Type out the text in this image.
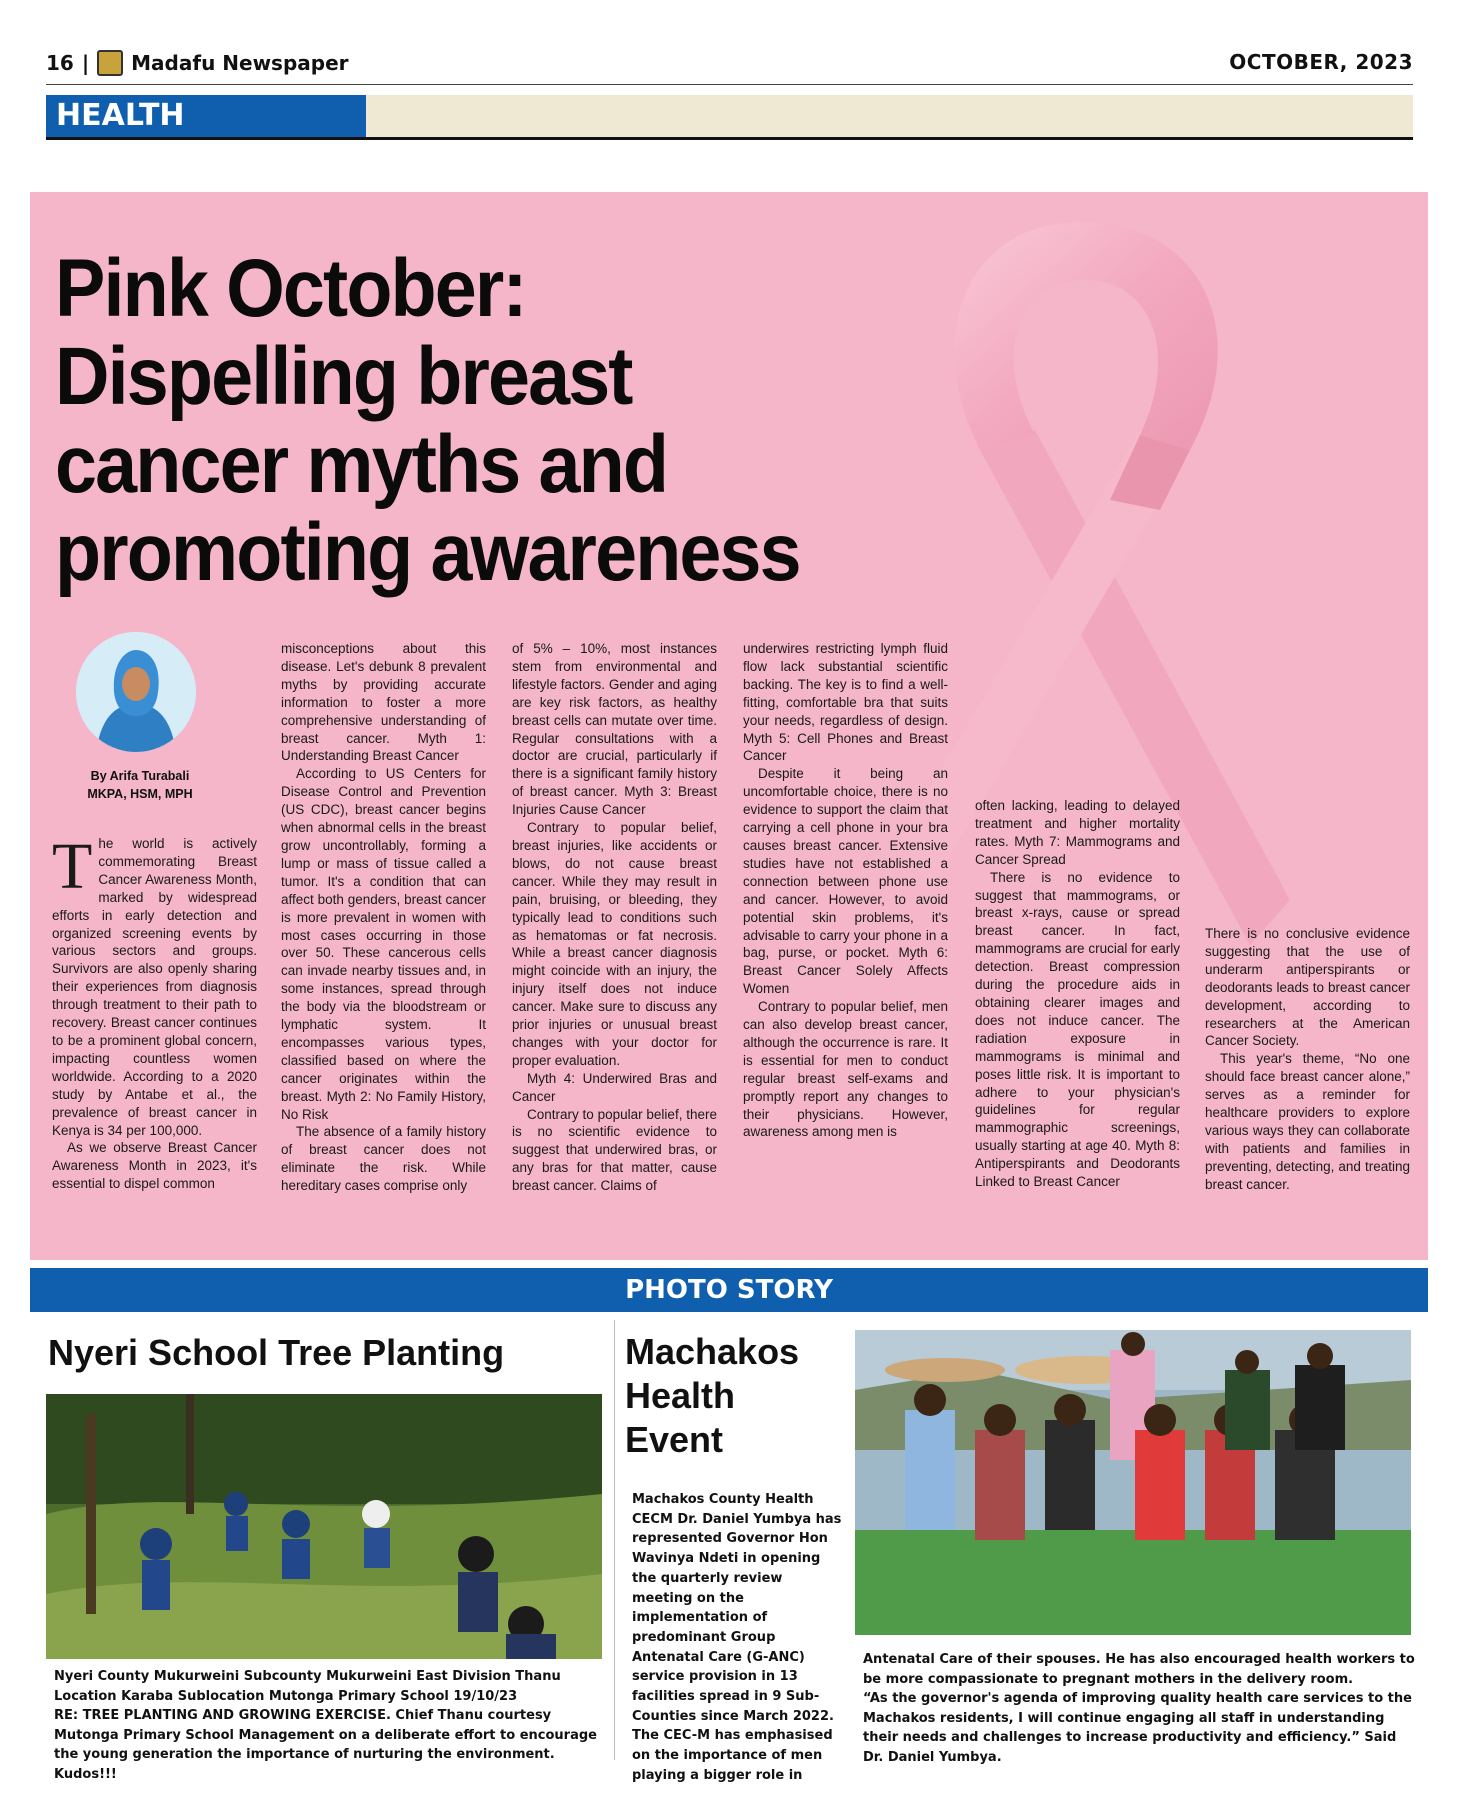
16 | Madafu Newspaper	OCTOBER, 2023
HEALTH
Pink October:
Dispelling breast
cancer myths and
promoting awareness
By Arifa Turabali
MKPA, HSM, MPH

The world is actively commemorating Breast Cancer Awareness Month, marked by widespread efforts in early detection and organized screening events by various sectors and groups. Survivors are also openly sharing their experiences from diagnosis through treatment to their path to recovery. Breast cancer continues to be a prominent global concern, impacting countless women worldwide. According to a 2020 study by Antabe et al., the prevalence of breast cancer in Kenya is 34 per 100,000.

As we observe Breast Cancer Awareness Month in 2023, it's essential to dispel common

misconceptions about this disease. Let's debunk 8 prevalent myths by providing accurate information to foster a more comprehensive understanding of breast cancer. Myth 1: Understanding Breast Cancer

According to US Centers for Disease Control and Prevention (US CDC), breast cancer begins when abnormal cells in the breast grow uncontrollably, forming a lump or mass of tissue called a tumor. It's a condition that can affect both genders, breast cancer is more prevalent in women with most cases occurring in those over 50. These cancerous cells can invade nearby tissues and, in some instances, spread through the body via the bloodstream or lymphatic system. It encompasses various types, classified based on where the cancer originates within the breast. Myth 2: No Family History, No Risk

The absence of a family history of breast cancer does not eliminate the risk. While hereditary cases comprise only

of 5% – 10%, most instances stem from environmental and lifestyle factors. Gender and aging are key risk factors, as healthy breast cells can mutate over time. Regular consultations with a doctor are crucial, particularly if there is a significant family history of breast cancer. Myth 3: Breast Injuries Cause Cancer

Contrary to popular belief, breast injuries, like accidents or blows, do not cause breast cancer. While they may result in pain, bruising, or bleeding, they typically lead to conditions such as hematomas or fat necrosis. While a breast cancer diagnosis might coincide with an injury, the injury itself does not induce cancer. Make sure to discuss any prior injuries or unusual breast changes with your doctor for proper evaluation.

Myth 4: Underwired Bras and Cancer

Contrary to popular belief, there is no scientific evidence to suggest that underwired bras, or any bras for that matter, cause breast cancer. Claims of

underwires restricting lymph fluid flow lack substantial scientific backing. The key is to find a well-fitting, comfortable bra that suits your needs, regardless of design. Myth 5: Cell Phones and Breast Cancer

Despite it being an uncomfortable choice, there is no evidence to support the claim that carrying a cell phone in your bra causes breast cancer. Extensive studies have not established a connection between phone use and cancer. However, to avoid potential skin problems, it's advisable to carry your phone in a bag, purse, or pocket. Myth 6: Breast Cancer Solely Affects Women

Contrary to popular belief, men can also develop breast cancer, although the occurrence is rare. It is essential for men to conduct regular breast self-exams and promptly report any changes to their physicians. However, awareness among men is

often lacking, leading to delayed treatment and higher mortality rates. Myth 7: Mammograms and Cancer Spread

There is no evidence to suggest that mammograms, or breast x-rays, cause or spread breast cancer. In fact, mammograms are crucial for early detection. Breast compression during the procedure aids in obtaining clearer images and does not induce cancer. The radiation exposure in mammograms is minimal and poses little risk. It is important to adhere to your physician's guidelines for regular mammographic screenings, usually starting at age 40. Myth 8: Antiperspirants and Deodorants Linked to Breast Cancer

There is no conclusive evidence suggesting that the use of underarm antiperspirants or deodorants leads to breast cancer development, according to researchers at the American Cancer Society.

This year's theme, “No one should face breast cancer alone,” serves as a reminder for healthcare providers to explore various ways they can collaborate with patients and families in preventing, detecting, and treating breast cancer.

PHOTO STORY
Nyeri School Tree Planting
Nyeri County Mukurweini Subcounty Mukurweini East Division Thanu Location Karaba Sublocation Mutonga Primary School 19/10/23
RE: TREE PLANTING AND GROWING EXERCISE. Chief Thanu courtesy Mutonga Primary School Management on a deliberate effort to encourage the young generation the importance of nurturing the environment. Kudos!!!
Machakos
Health
Event
Machakos County Health CECM Dr. Daniel Yumbya has represented Governor Hon Wavinya Ndeti in opening the quarterly review meeting on the implementation of predominant Group Antenatal Care (G-ANC) service provision in 13 facilities spread in 9 Sub-Counties since March 2022. The CEC-M has emphasised on the importance of men playing a bigger role in
Antenatal Care of their spouses. He has also encouraged health workers to be more compassionate to pregnant mothers in the delivery room.
“As the governor's agenda of improving quality health care services to the Machakos residents, I will continue engaging all staff in understanding their needs and challenges to increase productivity and efficiency.” Said Dr. Daniel Yumbya.
